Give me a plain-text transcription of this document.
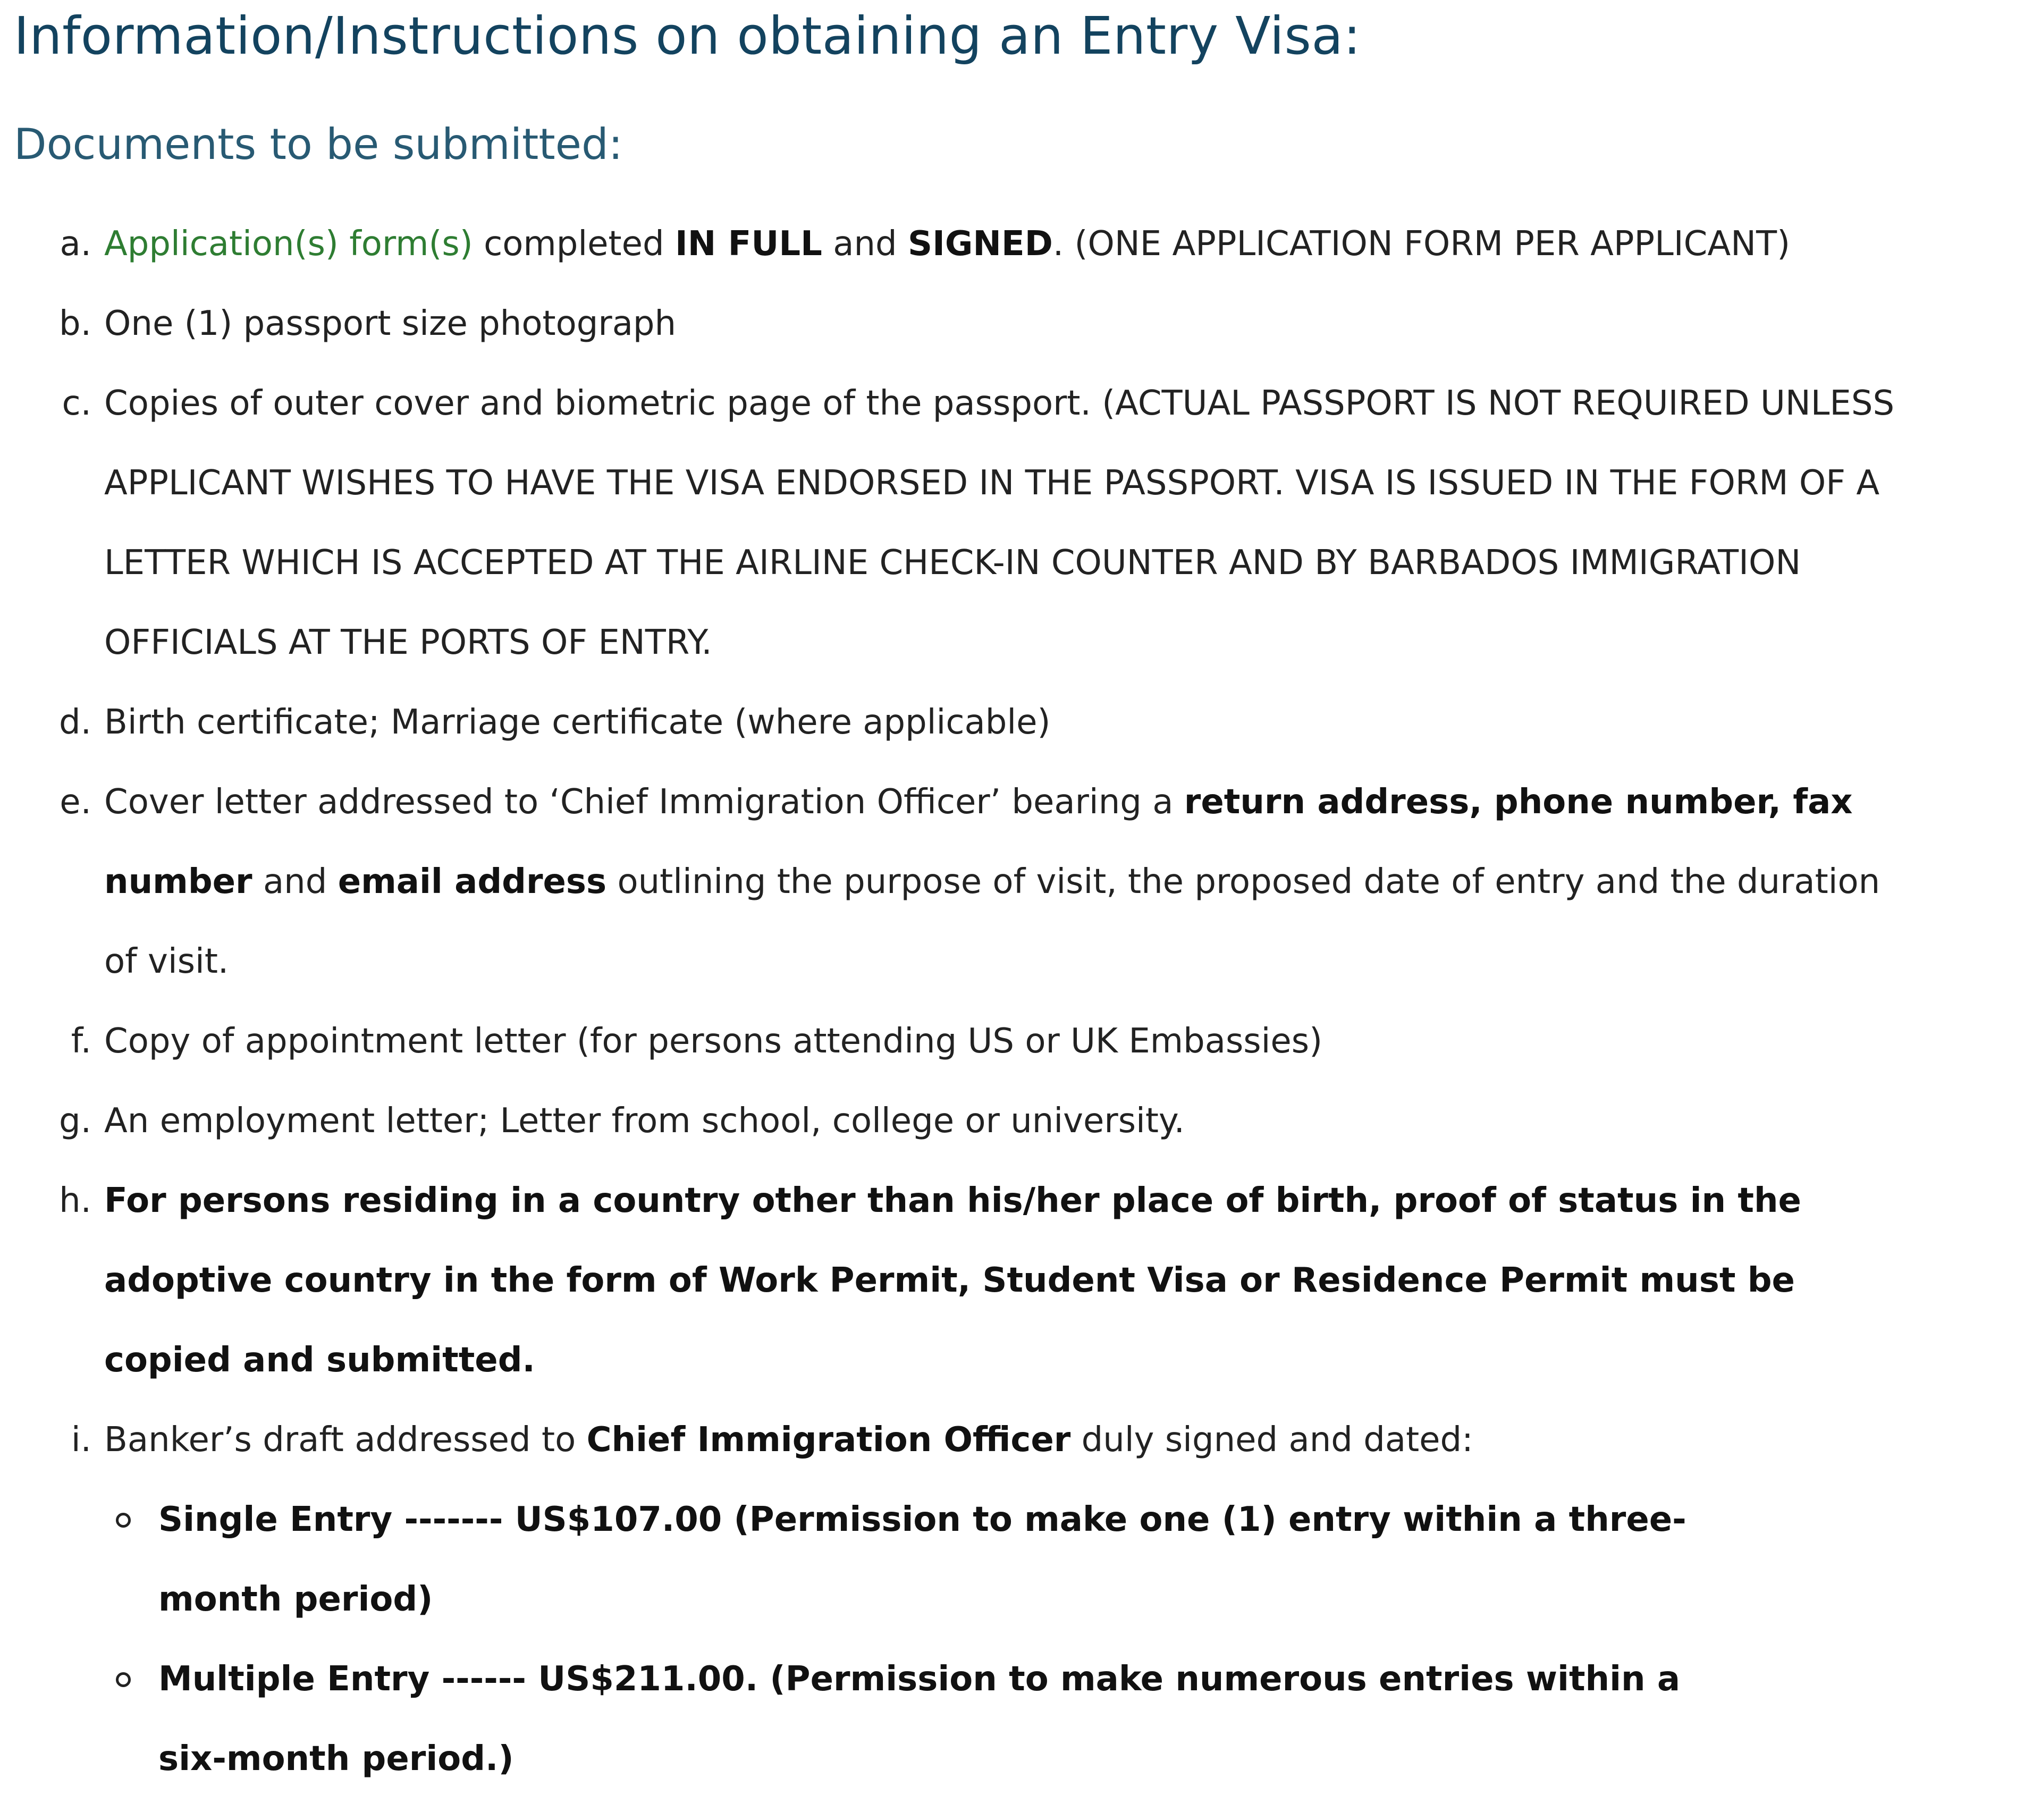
Information/Instructions on obtaining an Entry Visa:
Documents to be submitted:
a. Application(s) form(s) completed IN FULL and SIGNED. (ONE APPLICATION FORM PER APPLICANT)
b. One (1) passport size photograph
c. Copies of outer cover and biometric page of the passport. (ACTUAL PASSPORT IS NOT REQUIRED UNLESS APPLICANT WISHES TO HAVE THE VISA ENDORSED IN THE PASSPORT. VISA IS ISSUED IN THE FORM OF A LETTER WHICH IS ACCEPTED AT THE AIRLINE CHECK-IN COUNTER AND BY BARBADOS IMMIGRATION OFFICIALS AT THE PORTS OF ENTRY.
d. Birth certificate; Marriage certificate (where applicable)
e. Cover letter addressed to ‘Chief Immigration Officer’ bearing a return address, phone number, fax number and email address outlining the purpose of visit, the proposed date of entry and the duration of visit.
f. Copy of appointment letter (for persons attending US or UK Embassies)
g. An employment letter; Letter from school, college or university.
h. For persons residing in a country other than his/her place of birth, proof of status in the adoptive country in the form of Work Permit, Student Visa or Residence Permit must be copied and submitted.
i. Banker’s draft addressed to Chief Immigration Officer duly signed and dated:
Single Entry ------- US$107.00 (Permission to make one (1) entry within a three-month period)
Multiple Entry ------ US$211.00. (Permission to make numerous entries within a six-month period.)
